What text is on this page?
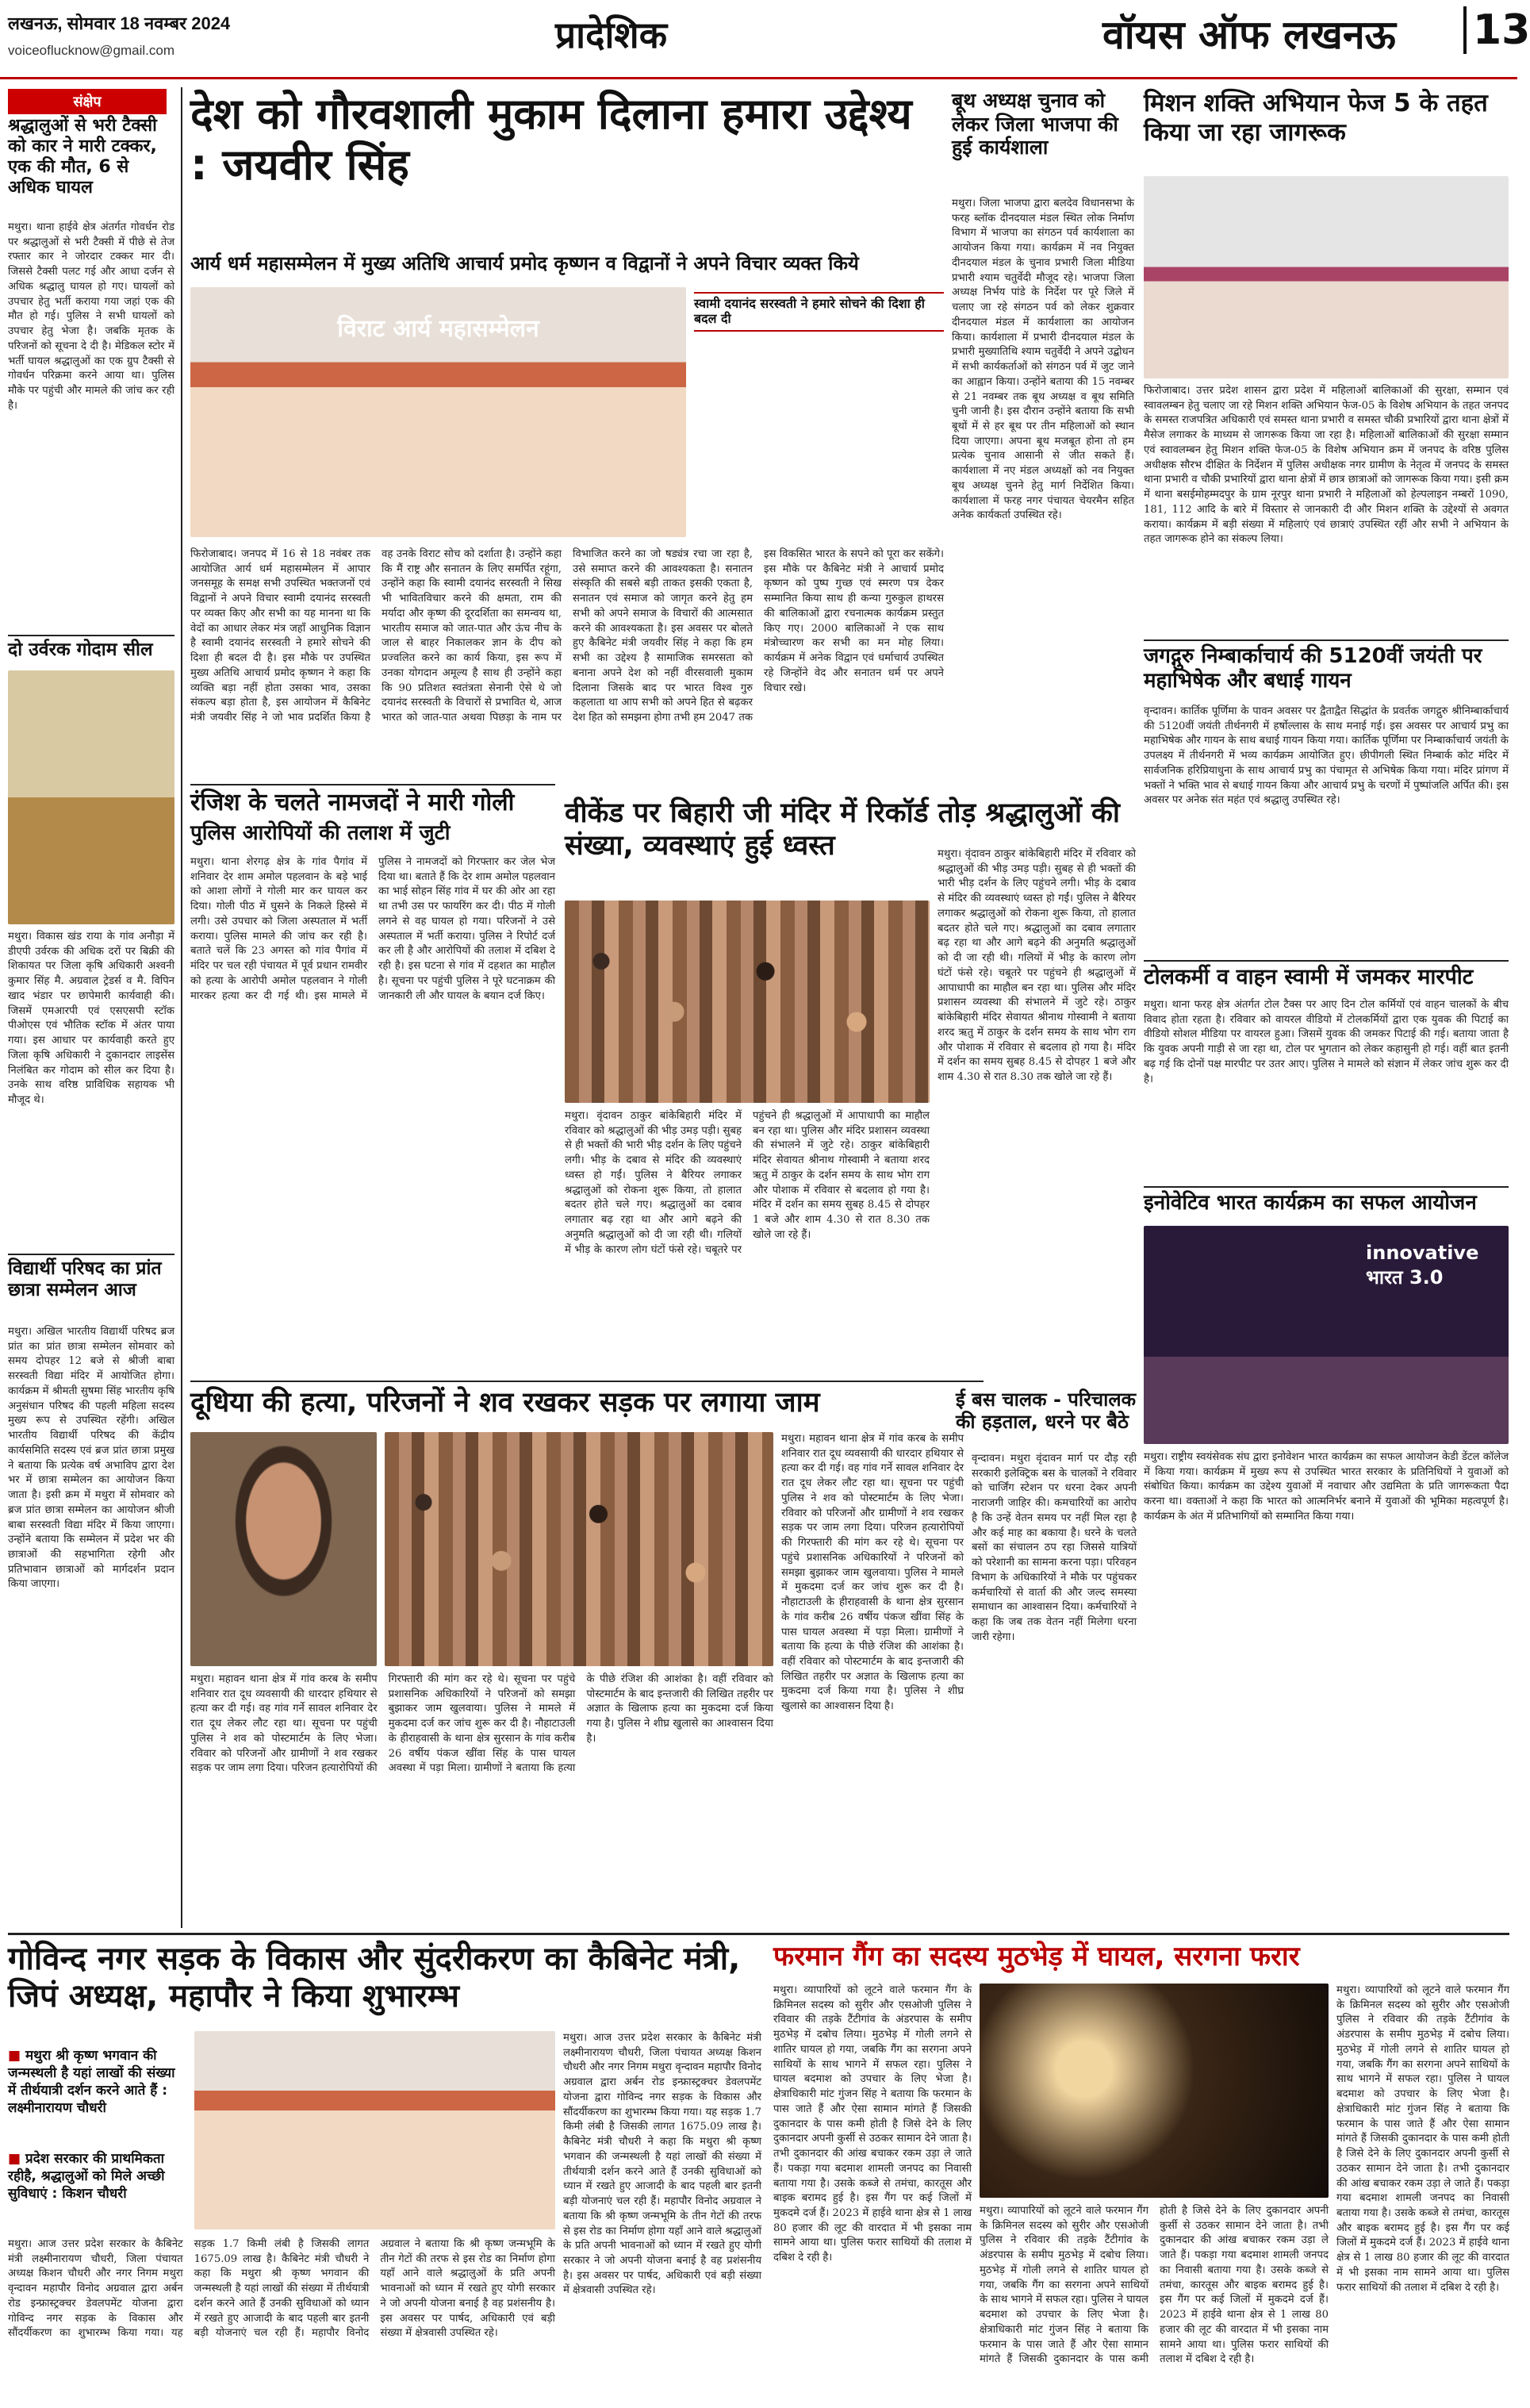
लखनऊ, सोमवार 18 नवम्बर 2024
voiceoflucknow@gmail.com	प्रादेशिक	वॉयस ऑफ लखनऊ 13
संक्षेप
श्रद्धालुओं से भरी टैक्सी को कार ने मारी टक्कर, एक की मौत, 6 से अधिक घायल
मथुरा। थाना हाईवे क्षेत्र अंतर्गत गोवर्धन रोड पर श्रद्धालुओं से भरी टैक्सी में पीछे से तेज रफ्तार कार ने जोरदार टक्कर मार दी। जिससे टैक्सी पलट गई और आधा दर्जन से अधिक श्रद्धालु घायल हो गए। घायलों को उपचार हेतु भर्ती कराया गया जहां एक की मौत हो गई। पुलिस ने सभी घायलों को उपचार हेतु भेजा है। जबकि मृतक के परिजनों को सूचना दे दी है। मेडिकल स्टोर में भर्ती घायल श्रद्धालुओं का एक ग्रुप टैक्सी से गोवर्धन परिक्रमा करने आया था। पुलिस मौके पर पहुंची और मामले की जांच कर रही है।
दो उर्वरक गोदाम सील
मथुरा। विकास खंड राया के गांव अनौड़ा में डीएपी उर्वरक की अधिक दरों पर बिक्री की शिकायत पर जिला कृषि अधिकारी अश्वनी कुमार सिंह मै. अग्रवाल ट्रेडर्स व मै. विपिन खाद भंडार पर छापेमारी कार्यवाही की। जिसमें एमआरपी एवं एसएसपी स्टॉक पीओएस एवं भौतिक स्टॉक में अंतर पाया गया। इस आधार पर कार्यवाही करते हुए जिला कृषि अधिकारी ने दुकानदार लाइसेंस निलंबित कर गोदाम को सील कर दिया है। उनके साथ वरिष्ठ प्राविधिक सहायक भी मौजूद थे।
विद्यार्थी परिषद का प्रांत छात्रा सम्मेलन आज
मथुरा। अखिल भारतीय विद्यार्थी परिषद ब्रज प्रांत का प्रांत छात्रा सम्मेलन सोमवार को समय दोपहर 12 बजे से श्रीजी बाबा सरस्वती विद्या मंदिर में आयोजित होगा। कार्यक्रम में श्रीमती सुषमा सिंह भारतीय कृषि अनुसंधान परिषद की पहली महिला सदस्य मुख्य रूप से उपस्थित रहेंगी। अखिल भारतीय विद्यार्थी परिषद की केंद्रीय कार्यसमिति सदस्य एवं ब्रज प्रांत छात्रा प्रमुख ने बताया कि प्रत्येक वर्ष अभाविप द्वारा देश भर में छात्रा सम्मेलन का आयोजन किया जाता है। इसी क्रम में मथुरा में सोमवार को ब्रज प्रांत छात्रा सम्मेलन का आयोजन श्रीजी बाबा सरस्वती विद्या मंदिर में किया जाएगा। उन्होंने बताया कि सम्मेलन में प्रदेश भर की छात्राओं की सहभागिता रहेगी और प्रतिभावान छात्राओं को मार्गदर्शन प्रदान किया जाएगा।
देश को गौरवशाली मुकाम दिलाना हमारा उद्देश्य : जयवीर सिंह
आर्य धर्म महासम्मेलन में मुख्य अतिथि आचार्य प्रमोद कृष्णन व विद्वानों ने अपने विचार व्यक्त किये
विराट आर्य महासम्मेलन
स्वामी दयानंद सरस्वती ने हमारे सोचने की दिशा ही बदल दी
फिरोजाबाद। जनपद में 16 से 18 नवंबर तक आयोजित आर्य धर्म महासम्मेलन में आपार जनसमूह के समक्ष सभी उपस्थित भक्तजनों एवं विद्वानों ने अपने विचार स्वामी दयानंद सरस्वती पर व्यक्त किए और सभी का यह मानना था कि वेदों का आधार लेकर मंत्र जहाँ आधुनिक विज्ञान है स्वामी दयानंद सरस्वती ने हमारे सोचने की दिशा ही बदल दी है। इस मौके पर उपस्थित मुख्य अतिथि आचार्य प्रमोद कृष्णन ने कहा कि व्यक्ति बड़ा नहीं होता उसका भाव, उसका संकल्प बड़ा होता है, इस आयोजन में कैबिनेट मंत्री जयवीर सिंह ने जो भाव प्रदर्शित किया है वह उनके विराट सोच को दर्शाता है। उन्होंने कहा कि मैं राष्ट्र और सनातन के लिए समर्पित रहूंगा, उन्होंने कहा कि स्वामी दयानंद सरस्वती ने सिख भी भावितविचार करने की क्षमता, राम की मर्यादा और कृष्ण की दूरदर्शिता का समन्वय था, भारतीय समाज को जात-पात और ऊंच नीच के जाल से बाहर निकालकर ज्ञान के दीप को प्रज्वलित करने का कार्य किया, इस रूप में उनका योगदान अमूल्य है साथ ही उन्होंने कहा कि 90 प्रतिशत स्वतंत्रता सेनानी ऐसे थे जो दयानंद सरस्वती के विचारों से प्रभावित थे, आज भारत को जात-पात अथवा पिछड़ा के नाम पर विभाजित करने का जो षड्यंत्र रचा जा रहा है, उसे समाप्त करने की आवश्यकता है। सनातन संस्कृति की सबसे बड़ी ताकत इसकी एकता है, सनातन एवं समाज को जागृत करने हेतु हम सभी को अपने समाज के विचारों की आत्मसात करने की आवश्यकता है। इस अवसर पर बोलते हुए कैबिनेट मंत्री जयवीर सिंह ने कहा कि हम सभी का उद्देश्य है सामाजिक समरसता को बनाना अपने देश को नहीं वीरसवाली मुकाम दिलाना जिसके बाद पर भारत विश्व गुरु कहलाता था आप सभी को अपने हित से बढ़कर देश हित को समझना होगा तभी हम 2047 तक इस विकसित भारत के सपने को पूरा कर सकेंगे। इस मौके पर कैबिनेट मंत्री ने आचार्य प्रमोद कृष्णन को पुष्प गुच्छ एवं स्मरण पत्र देकर सम्मानित किया साथ ही कन्या गुरुकुल हाथरस की बालिकाओं द्वारा रचनात्मक कार्यक्रम प्रस्तुत किए गए। 2000 बालिकाओं ने एक साथ मंत्रोच्चारण कर सभी का मन मोह लिया। कार्यक्रम में अनेक विद्वान एवं धर्माचार्य उपस्थित रहे जिन्होंने वेद और सनातन धर्म पर अपने विचार रखे।
बूथ अध्यक्ष चुनाव को लेकर जिला भाजपा की हुई कार्यशाला
मथुरा। जिला भाजपा द्वारा बलदेव विधानसभा के फरह ब्लॉक दीनदयाल मंडल स्थित लोक निर्माण विभाग में भाजपा का संगठन पर्व कार्यशाला का आयोजन किया गया। कार्यक्रम में नव नियुक्त दीनदयाल मंडल के चुनाव प्रभारी जिला मीडिया प्रभारी श्याम चतुर्वेदी मौजूद रहे। भाजपा जिला अध्यक्ष निर्भय पांडे के निर्देश पर पूरे जिले में चलाए जा रहे संगठन पर्व को लेकर शुक्रवार दीनदयाल मंडल में कार्यशाला का आयोजन किया। कार्यशाला में प्रभारी दीनदयाल मंडल के प्रभारी मुख्यातिथि श्याम चतुर्वेदी ने अपने उद्बोधन में सभी कार्यकर्ताओं को संगठन पर्व में जुट जाने का आह्वान किया। उन्होंने बताया की 15 नवम्बर से 21 नवम्बर तक बूथ अध्यक्ष व बूथ समिति चुनी जानी है। इस दौरान उन्होंने बताया कि सभी बूथों में से हर बूथ पर तीन महिलाओं को स्थान दिया जाएगा। अपना बूथ मजबूत होना तो हम प्रत्येक चुनाव आसानी से जीत सकते हैं। कार्यशाला में नए मंडल अध्यक्षों को नव नियुक्त बूथ अध्यक्ष चुनने हेतु मार्ग निर्देशित किया। कार्यशाला में फरह नगर पंचायत चेयरमैन सहित अनेक कार्यकर्ता उपस्थित रहे।
मिशन शक्ति अभियान फेज 5 के तहत किया जा रहा जागरूक
फिरोजाबाद। उत्तर प्रदेश शासन द्वारा प्रदेश में महिलाओं बालिकाओं की सुरक्षा, सम्मान एवं स्वावलम्बन हेतु चलाए जा रहे मिशन शक्ति अभियान फेज-05 के विशेष अभियान के तहत जनपद के समस्त राजपत्रित अधिकारी एवं समस्त थाना प्रभारी व समस्त चौकी प्रभारियों द्वारा थाना क्षेत्रों में मैसेज लगाकर के माध्यम से जागरूक किया जा रहा है। महिलाओं बालिकाओं की सुरक्षा सम्मान एवं स्वावलम्बन हेतु मिशन शक्ति फेज-05 के विशेष अभियान क्रम में जनपद के वरिष्ठ पुलिस अधीक्षक सौरभ दीक्षित के निर्देशन में पुलिस अधीक्षक नगर ग्रामीण के नेतृत्व में जनपद के समस्त थाना प्रभारी व चौकी प्रभारियों द्वारा थाना क्षेत्रों में छात्र छात्राओं को जागरूक किया गया। इसी क्रम में थाना बसईमोहम्मदपुर के ग्राम नूरपुर थाना प्रभारी ने महिलाओं को हेल्पलाइन नम्बरों 1090, 181, 112 आदि के बारे में विस्तार से जानकारी दी और मिशन शक्ति के उद्देश्यों से अवगत कराया। कार्यक्रम में बड़ी संख्या में महिलाएं एवं छात्राएं उपस्थित रहीं और सभी ने अभियान के तहत जागरूक होने का संकल्प लिया।
जगद्गुरु निम्बार्काचार्य की 5120वीं जयंती पर महाभिषेक और बधाई गायन
वृन्दावन। कार्तिक पूर्णिमा के पावन अवसर पर द्वैताद्वैत सिद्धांत के प्रवर्तक जगद्गुरु श्रीनिम्बार्काचार्य की 5120वीं जयंती तीर्थनगरी में हर्षोल्लास के साथ मनाई गई। इस अवसर पर आचार्य प्रभु का महाभिषेक और गायन के साथ बधाई गायन किया गया। कार्तिक पूर्णिमा पर निम्बार्काचार्य जयंती के उपलक्ष्य में तीर्थनगरी में भव्य कार्यक्रम आयोजित हुए। छीपीगली स्थित निम्बार्क कोट मंदिर में सार्वजनिक हरिप्रियाधुना के साथ आचार्य प्रभु का पंचामृत से अभिषेक किया गया। मंदिर प्रांगण में भक्तों ने भक्ति भाव से बधाई गायन किया और आचार्य प्रभु के चरणों में पुष्पांजलि अर्पित की। इस अवसर पर अनेक संत महंत एवं श्रद्धालु उपस्थित रहे।
टोलकर्मी व वाहन स्वामी में जमकर मारपीट
मथुरा। थाना फरह क्षेत्र अंतर्गत टोल टैक्स पर आए दिन टोल कर्मियों एवं वाहन चालकों के बीच विवाद होता रहता है। रविवार को वायरल वीडियो में टोलकर्मियों द्वारा एक युवक की पिटाई का वीडियो सोशल मीडिया पर वायरल हुआ। जिसमें युवक की जमकर पिटाई की गई। बताया जाता है कि युवक अपनी गाड़ी से जा रहा था, टोल पर भुगतान को लेकर कहासुनी हो गई। वहीं बात इतनी बढ़ गई कि दोनों पक्ष मारपीट पर उतर आए। पुलिस ने मामले को संज्ञान में लेकर जांच शुरू कर दी है।
इनोवेटिव भारत कार्यक्रम का सफल आयोजन
innovative भारत 3.0
मथुरा। राष्ट्रीय स्वयंसेवक संघ द्वारा इनोवेशन भारत कार्यक्रम का सफल आयोजन केडी डेंटल कॉलेज में किया गया। कार्यक्रम में मुख्य रूप से उपस्थित भारत सरकार के प्रतिनिधियों ने युवाओं को संबोधित किया। कार्यक्रम का उद्देश्य युवाओं में नवाचार और उद्यमिता के प्रति जागरूकता पैदा करना था। वक्ताओं ने कहा कि भारत को आत्मनिर्भर बनाने में युवाओं की भूमिका महत्वपूर्ण है। कार्यक्रम के अंत में प्रतिभागियों को सम्मानित किया गया।
रंजिश के चलते नामजदों ने मारी गोली
पुलिस आरोपियों की तलाश में जुटी
मथुरा। थाना शेरगढ़ क्षेत्र के गांव पैगांव में शनिवार देर शाम अमोल पहलवान के बड़े भाई को आशा लोगों ने गोली मार कर घायल कर दिया। गोली पीठ में घुसने के निकले हिस्से में लगी। उसे उपचार को जिला अस्पताल में भर्ती कराया। पुलिस मामले की जांच कर रही है। बताते चलें कि 23 अगस्त को गांव पैगांव में मंदिर पर चल रही पंचायत में पूर्व प्रधान रामवीर को हत्या के आरोपी अमोल पहलवान ने गोली मारकर हत्या कर दी गई थी। इस मामले में पुलिस ने नामजदों को गिरफ्तार कर जेल भेज दिया था। बताते हैं कि देर शाम अमोल पहलवान का भाई सोहन सिंह गांव में घर की ओर आ रहा था तभी उस पर फायरिंग कर दी। पीठ में गोली लगने से वह घायल हो गया। परिजनों ने उसे अस्पताल में भर्ती कराया। पुलिस ने रिपोर्ट दर्ज कर ली है और आरोपियों की तलाश में दबिश दे रही है। इस घटना से गांव में दहशत का माहौल है। सूचना पर पहुंची पुलिस ने पूरे घटनाक्रम की जानकारी ली और घायल के बयान दर्ज किए।
वीकेंड पर बिहारी जी मंदिर में रिकॉर्ड तोड़ श्रद्धालुओं की संख्या, व्यवस्थाएं हुई ध्वस्त
मथुरा। वृंदावन ठाकुर बांकेबिहारी मंदिर में रविवार को श्रद्धालुओं की भीड़ उमड़ पड़ी। सुबह से ही भक्तों की भारी भीड़ दर्शन के लिए पहुंचने लगी। भीड़ के दबाव से मंदिर की व्यवस्थाएं ध्वस्त हो गईं। पुलिस ने बैरियर लगाकर श्रद्धालुओं को रोकना शुरू किया, तो हालात बदतर होते चले गए। श्रद्धालुओं का दबाव लगातार बढ़ रहा था और आगे बढ़ने की अनुमति श्रद्धालुओं को दी जा रही थी। गलियों में भीड़ के कारण लोग घंटों फंसे रहे। चबूतरे पर पहुंचने ही श्रद्धालुओं में आपाधापी का माहौल बन रहा था। पुलिस और मंदिर प्रशासन व्यवस्था की संभालने में जुटे रहे। ठाकुर बांकेबिहारी मंदिर सेवायत श्रीनाथ गोस्वामी ने बताया शरद ऋतु में ठाकुर के दर्शन समय के साथ भोग राग और पोशाक में रविवार से बदलाव हो गया है। मंदिर में दर्शन का समय सुबह 8.45 से दोपहर 1 बजे और शाम 4.30 से रात 8.30 तक खोले जा रहे हैं।
मथुरा। वृंदावन ठाकुर बांकेबिहारी मंदिर में रविवार को श्रद्धालुओं की भीड़ उमड़ पड़ी। सुबह से ही भक्तों की भारी भीड़ दर्शन के लिए पहुंचने लगी। भीड़ के दबाव से मंदिर की व्यवस्थाएं ध्वस्त हो गईं। पुलिस ने बैरियर लगाकर श्रद्धालुओं को रोकना शुरू किया, तो हालात बदतर होते चले गए। श्रद्धालुओं का दबाव लगातार बढ़ रहा था और आगे बढ़ने की अनुमति श्रद्धालुओं को दी जा रही थी। गलियों में भीड़ के कारण लोग घंटों फंसे रहे। चबूतरे पर पहुंचने ही श्रद्धालुओं में आपाधापी का माहौल बन रहा था। पुलिस और मंदिर प्रशासन व्यवस्था की संभालने में जुटे रहे। ठाकुर बांकेबिहारी मंदिर सेवायत श्रीनाथ गोस्वामी ने बताया शरद ऋतु में ठाकुर के दर्शन समय के साथ भोग राग और पोशाक में रविवार से बदलाव हो गया है। मंदिर में दर्शन का समय सुबह 8.45 से दोपहर 1 बजे और शाम 4.30 से रात 8.30 तक खोले जा रहे हैं।
दूधिया की हत्या, परिजनों ने शव रखकर सड़क पर लगाया जाम
मथुरा। महावन थाना क्षेत्र में गांव करब के समीप शनिवार रात दूध व्यवसायी की धारदार हथियार से हत्या कर दी गई। वह गांव गर्ने सावल शनिवार देर रात दूध लेकर लौट रहा था। सूचना पर पहुंची पुलिस ने शव को पोस्टमार्टम के लिए भेजा। रविवार को परिजनों और ग्रामीणों ने शव रखकर सड़क पर जाम लगा दिया। परिजन हत्यारोपियों की गिरफ्तारी की मांग कर रहे थे। सूचना पर पहुंचे प्रशासनिक अधिकारियों ने परिजनों को समझा बुझाकर जाम खुलवाया। पुलिस ने मामले में मुकदमा दर्ज कर जांच शुरू कर दी है। नौहाटाउली के हीराहवासी के थाना क्षेत्र सुरसान के गांव करीब 26 वर्षीय पंकज खींवा सिंह के पास घायल अवस्था में पड़ा मिला। ग्रामीणों ने बताया कि हत्या के पीछे रंजिश की आशंका है। वहीं रविवार को पोस्टमार्टम के बाद इन्तजारी की लिखित तहरीर पर अज्ञात के खिलाफ हत्या का मुकदमा दर्ज किया गया है। पुलिस ने शीघ्र खुलासे का आश्वासन दिया है।
मथुरा। महावन थाना क्षेत्र में गांव करब के समीप शनिवार रात दूध व्यवसायी की धारदार हथियार से हत्या कर दी गई। वह गांव गर्ने सावल शनिवार देर रात दूध लेकर लौट रहा था। सूचना पर पहुंची पुलिस ने शव को पोस्टमार्टम के लिए भेजा। रविवार को परिजनों और ग्रामीणों ने शव रखकर सड़क पर जाम लगा दिया। परिजन हत्यारोपियों की गिरफ्तारी की मांग कर रहे थे। सूचना पर पहुंचे प्रशासनिक अधिकारियों ने परिजनों को समझा बुझाकर जाम खुलवाया। पुलिस ने मामले में मुकदमा दर्ज कर जांच शुरू कर दी है। नौहाटाउली के हीराहवासी के थाना क्षेत्र सुरसान के गांव करीब 26 वर्षीय पंकज खींवा सिंह के पास घायल अवस्था में पड़ा मिला। ग्रामीणों ने बताया कि हत्या के पीछे रंजिश की आशंका है। वहीं रविवार को पोस्टमार्टम के बाद इन्तजारी की लिखित तहरीर पर अज्ञात के खिलाफ हत्या का मुकदमा दर्ज किया गया है। पुलिस ने शीघ्र खुलासे का आश्वासन दिया है।
ई बस चालक - परिचालक की हड़ताल, धरने पर बैठे
वृन्दावन। मथुरा वृंदावन मार्ग पर दौड़ रही सरकारी इलेक्ट्रिक बस के चालकों ने रविवार को चार्जिंग स्टेशन पर धरना देकर अपनी नाराजगी जाहिर की। कमचारियों का आरोप है कि उन्हें वेतन समय पर नहीं मिल रहा है और कई माह का बकाया है। धरने के चलते बसों का संचालन ठप रहा जिससे यात्रियों को परेशानी का सामना करना पड़ा। परिवहन विभाग के अधिकारियों ने मौके पर पहुंचकर कर्मचारियों से वार्ता की और जल्द समस्या समाधान का आश्वासन दिया। कर्मचारियों ने कहा कि जब तक वेतन नहीं मिलेगा धरना जारी रहेगा।
गोविन्द नगर सड़क के विकास और सुंदरीकरण का कैबिनेट मंत्री, जिपं अध्यक्ष, महापौर ने किया शुभारम्भ
■ मथुरा श्री कृष्ण भगवान की जन्मस्थली है यहां लाखों की संख्या में तीर्थयात्री दर्शन करने आते हैं : लक्ष्मीनारायण चौधरी
■ प्रदेश सरकार की प्राथमिकता रहीहै, श्रद्धालुओं को मिले अच्छी सुविधाएं : किशन चौधरी
मथुरा। आज उत्तर प्रदेश सरकार के कैबिनेट मंत्री लक्ष्मीनारायण चौधरी, जिला पंचायत अध्यक्ष किशन चौधरी और नगर निगम मथुरा वृन्दावन महापौर विनोद अग्रवाल द्वारा अर्बन रोड इन्फ्रास्ट्रक्चर डेवलपमेंट योजना द्वारा गोविन्द नगर सड़क के विकास और सौंदर्यीकरण का शुभारम्भ किया गया। यह सड़क 1.7 किमी लंबी है जिसकी लागत 1675.09 लाख है। कैबिनेट मंत्री चौधरी ने कहा कि मथुरा श्री कृष्ण भगवान की जन्मस्थली है यहां लाखों की संख्या में तीर्थयात्री दर्शन करने आते हैं उनकी सुविधाओं को ध्यान में रखते हुए आजादी के बाद पहली बार इतनी बड़ी योजनाएं चल रही हैं। महापौर विनोद अग्रवाल ने बताया कि श्री कृष्ण जन्मभूमि के तीन गेटों की तरफ से इस रोड का निर्माण होगा यहाँ आने वाले श्रद्धालुओं के प्रति अपनी भावनाओं को ध्यान में रखते हुए योगी सरकार ने जो अपनी योजना बनाई है वह प्रशंसनीय है। इस अवसर पर पार्षद, अधिकारी एवं बड़ी संख्या में क्षेत्रवासी उपस्थित रहे।
मथुरा। आज उत्तर प्रदेश सरकार के कैबिनेट मंत्री लक्ष्मीनारायण चौधरी, जिला पंचायत अध्यक्ष किशन चौधरी और नगर निगम मथुरा वृन्दावन महापौर विनोद अग्रवाल द्वारा अर्बन रोड इन्फ्रास्ट्रक्चर डेवलपमेंट योजना द्वारा गोविन्द नगर सड़क के विकास और सौंदर्यीकरण का शुभारम्भ किया गया। यह सड़क 1.7 किमी लंबी है जिसकी लागत 1675.09 लाख है। कैबिनेट मंत्री चौधरी ने कहा कि मथुरा श्री कृष्ण भगवान की जन्मस्थली है यहां लाखों की संख्या में तीर्थयात्री दर्शन करने आते हैं उनकी सुविधाओं को ध्यान में रखते हुए आजादी के बाद पहली बार इतनी बड़ी योजनाएं चल रही हैं। महापौर विनोद अग्रवाल ने बताया कि श्री कृष्ण जन्मभूमि के तीन गेटों की तरफ से इस रोड का निर्माण होगा यहाँ आने वाले श्रद्धालुओं के प्रति अपनी भावनाओं को ध्यान में रखते हुए योगी सरकार ने जो अपनी योजना बनाई है वह प्रशंसनीय है। इस अवसर पर पार्षद, अधिकारी एवं बड़ी संख्या में क्षेत्रवासी उपस्थित रहे।
फरमान गैंग का सदस्य मुठभेड़ में घायल, सरगना फरार
मथुरा। व्यापारियों को लूटने वाले फरमान गैंग के क्रिमिनल सदस्य को सुरीर और एसओजी पुलिस ने रविवार की तड़के टैंटीगांव के अंडरपास के समीप मुठभेड़ में दबोच लिया। मुठभेड़ में गोली लगने से शातिर घायल हो गया, जबकि गैंग का सरगना अपने साथियों के साथ भागने में सफल रहा। पुलिस ने घायल बदमाश को उपचार के लिए भेजा है। क्षेत्राधिकारी मांट गुंजन सिंह ने बताया कि फरमान के पास जाते हैं और ऐसा सामान मांगते हैं जिसकी दुकानदार के पास कमी होती है जिसे देने के लिए दुकानदार अपनी कुर्सी से उठकर सामान देने जाता है। तभी दुकानदार की आंख बचाकर रकम उड़ा ले जाते हैं। पकड़ा गया बदमाश शामली जनपद का निवासी बताया गया है। उसके कब्जे से तमंचा, कारतूस और बाइक बरामद हुई है। इस गैंग पर कई जिलों में मुकदमे दर्ज हैं। 2023 में हाईवे थाना क्षेत्र से 1 लाख 80 हजार की लूट की वारदात में भी इसका नाम सामने आया था। पुलिस फरार साथियों की तलाश में दबिश दे रही है।
मथुरा। व्यापारियों को लूटने वाले फरमान गैंग के क्रिमिनल सदस्य को सुरीर और एसओजी पुलिस ने रविवार की तड़के टैंटीगांव के अंडरपास के समीप मुठभेड़ में दबोच लिया। मुठभेड़ में गोली लगने से शातिर घायल हो गया, जबकि गैंग का सरगना अपने साथियों के साथ भागने में सफल रहा। पुलिस ने घायल बदमाश को उपचार के लिए भेजा है। क्षेत्राधिकारी मांट गुंजन सिंह ने बताया कि फरमान के पास जाते हैं और ऐसा सामान मांगते हैं जिसकी दुकानदार के पास कमी होती है जिसे देने के लिए दुकानदार अपनी कुर्सी से उठकर सामान देने जाता है। तभी दुकानदार की आंख बचाकर रकम उड़ा ले जाते हैं। पकड़ा गया बदमाश शामली जनपद का निवासी बताया गया है। उसके कब्जे से तमंचा, कारतूस और बाइक बरामद हुई है। इस गैंग पर कई जिलों में मुकदमे दर्ज हैं। 2023 में हाईवे थाना क्षेत्र से 1 लाख 80 हजार की लूट की वारदात में भी इसका नाम सामने आया था। पुलिस फरार साथियों की तलाश में दबिश दे रही है।
मथुरा। व्यापारियों को लूटने वाले फरमान गैंग के क्रिमिनल सदस्य को सुरीर और एसओजी पुलिस ने रविवार की तड़के टैंटीगांव के अंडरपास के समीप मुठभेड़ में दबोच लिया। मुठभेड़ में गोली लगने से शातिर घायल हो गया, जबकि गैंग का सरगना अपने साथियों के साथ भागने में सफल रहा। पुलिस ने घायल बदमाश को उपचार के लिए भेजा है। क्षेत्राधिकारी मांट गुंजन सिंह ने बताया कि फरमान के पास जाते हैं और ऐसा सामान मांगते हैं जिसकी दुकानदार के पास कमी होती है जिसे देने के लिए दुकानदार अपनी कुर्सी से उठकर सामान देने जाता है। तभी दुकानदार की आंख बचाकर रकम उड़ा ले जाते हैं। पकड़ा गया बदमाश शामली जनपद का निवासी बताया गया है। उसके कब्जे से तमंचा, कारतूस और बाइक बरामद हुई है। इस गैंग पर कई जिलों में मुकदमे दर्ज हैं। 2023 में हाईवे थाना क्षेत्र से 1 लाख 80 हजार की लूट की वारदात में भी इसका नाम सामने आया था। पुलिस फरार साथियों की तलाश में दबिश दे रही है।
